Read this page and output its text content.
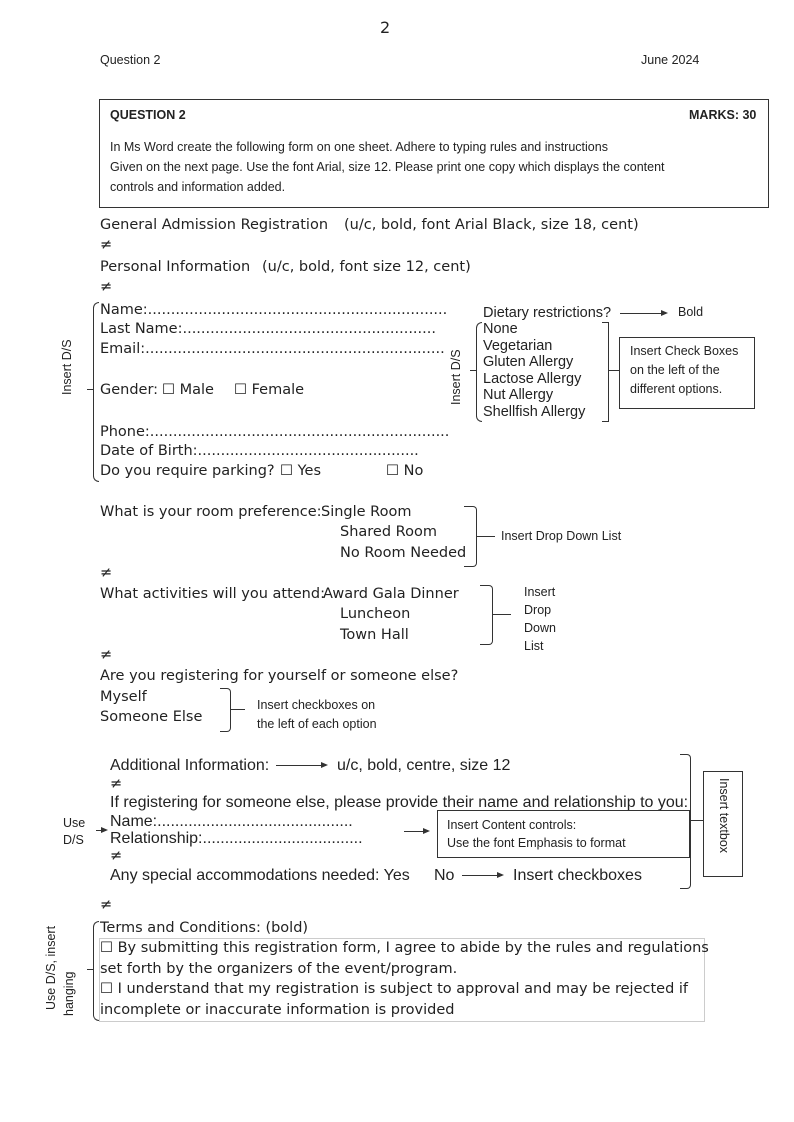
2
Question 2	June 2024
QUESTION 2	MARKS: 30
In Ms Word create the following form on one sheet. Adhere to typing rules and instructions
Given on the next page. Use the font Arial, size 12. Please print one copy which displays the content
controls and information added.
General Admission Registration (u/c, bold, font Arial Black, size 18, cent)
≠
Personal Information (u/c, bold, font size 12, cent)
≠
Insert D/S
Name:.................................................................
Last Name:.......................................................
Email:.................................................................
Gender: ☐ Male ☐ Female
Phone:.................................................................
Date of Birth:................................................
Do you require parking? ☐ Yes	☐ No
Dietary restrictions?	Bold
Insert D/S
None
Vegetarian
Gluten Allergy
Lactose Allergy
Nut Allergy
Shellfish Allergy
Insert Check Boxes
on the left of the
different options.
What is your room preference: Single Room
Shared Room
No Room Needed
Insert Drop Down List
≠
What activities will you attend:
Award Gala Dinner
Luncheon
Town Hall
Insert
Drop
Down
List
≠
Are you registering for yourself or someone else?
Myself
Someone Else
Insert checkboxes on
the left of each option
Additional Information:	u/c, bold, centre, size 12
≠
If registering for someone else, please provide their name and relationship to you:
Use
D/S
Name:............................................
Relationship:....................................
Insert Content controls:
Use the font Emphasis to format
≠
Any special accommodations needed: Yes No	Insert checkboxes
Insert textbox
≠
Use D/S, insert hanging
Terms and Conditions: (bold)
☐ By submitting this registration form, I agree to abide by the rules and regulations
set forth by the organizers of the event/program.
☐ I understand that my registration is subject to approval and may be rejected if
incomplete or inaccurate information is provided
